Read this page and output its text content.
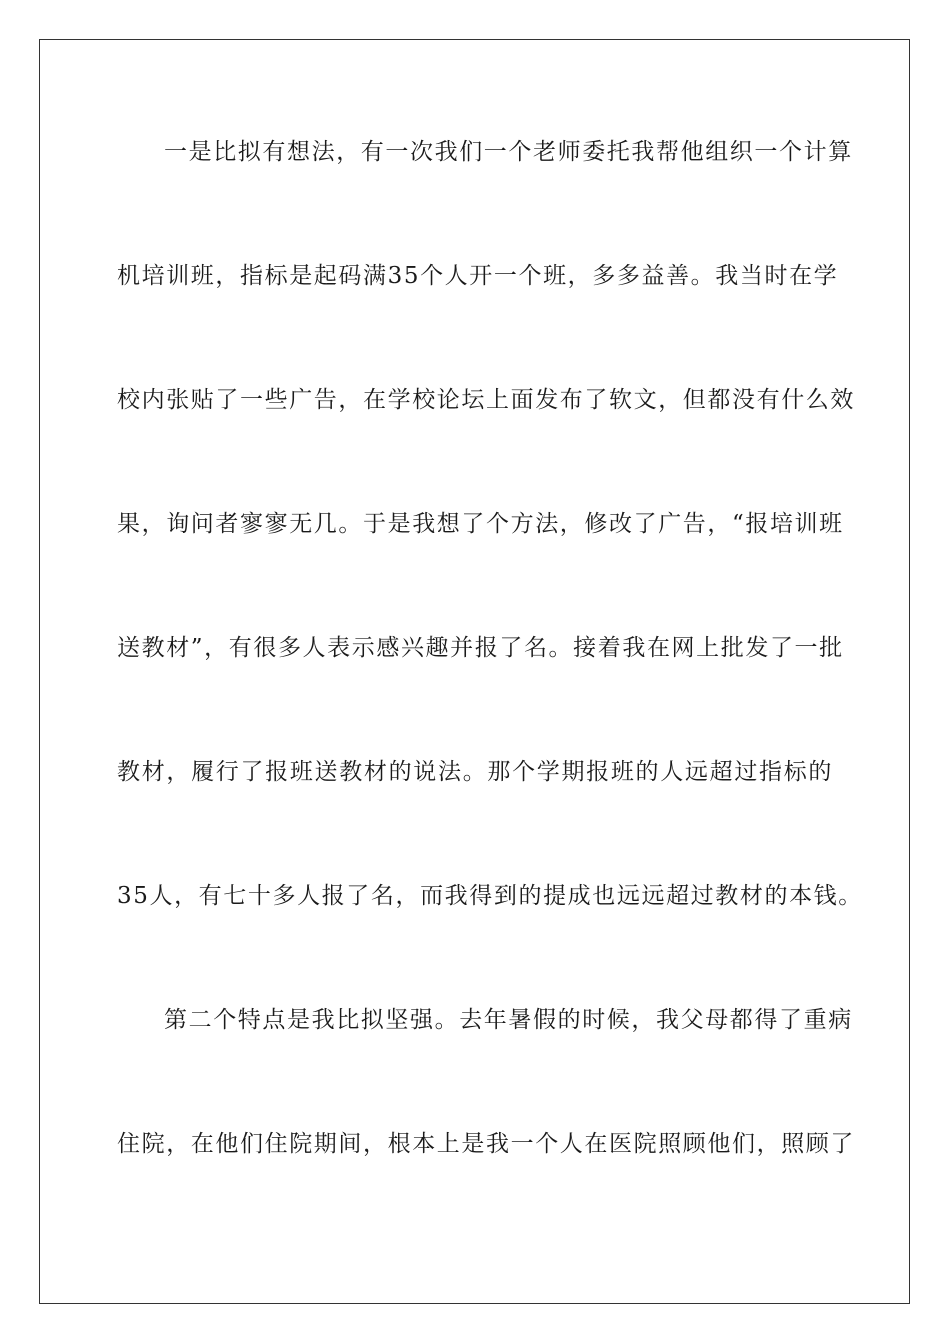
一是比拟有想法，有一次我们一个老师委托我帮他组织一个计算
机培训班，指标是起码满35个人开一个班，多多益善。我当时在学
校内张贴了一些广告，在学校论坛上面发布了软文，但都没有什么效
果，询问者寥寥无几。于是我想了个方法，修改了广告，“报培训班
送教材”，有很多人表示感兴趣并报了名。接着我在网上批发了一批
教材，履行了报班送教材的说法。那个学期报班的人远超过指标的
35人，有七十多人报了名，而我得到的提成也远远超过教材的本钱。
第二个特点是我比拟坚强。去年暑假的时候，我父母都得了重病
住院，在他们住院期间，根本上是我一个人在医院照顾他们，照顾了
